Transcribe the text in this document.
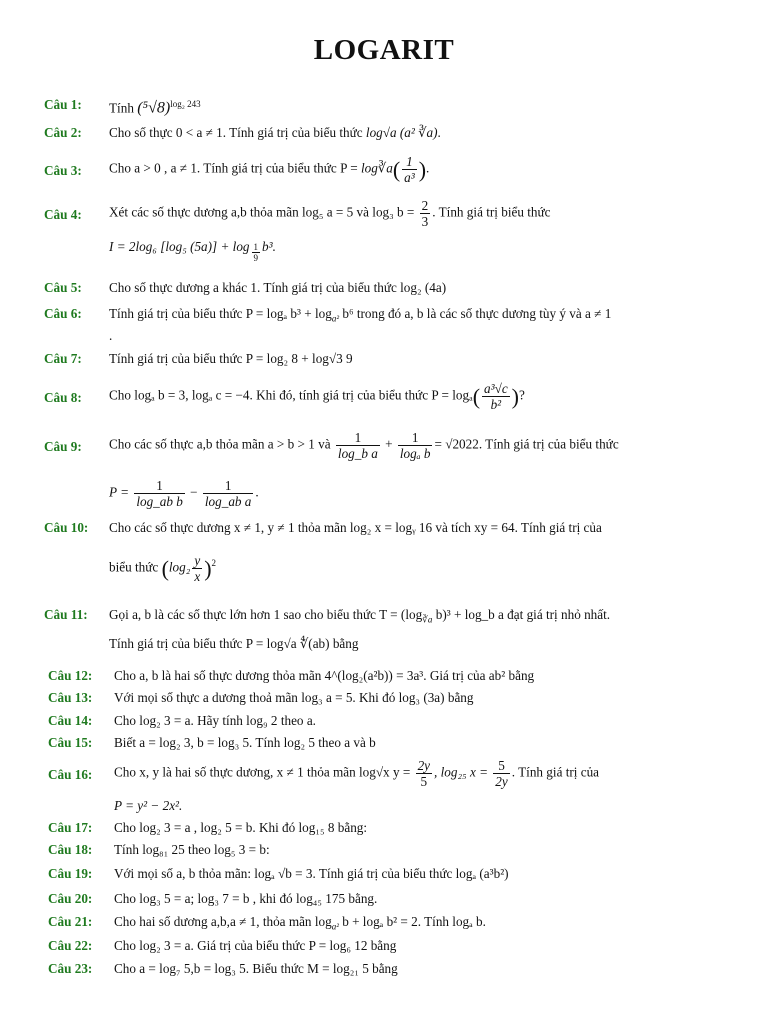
LOGARIT
Câu 1: Tính $(^5√8)^{log_2 243}$
Câu 2: Cho số thực 0 < a ≠ 1. Tính giá trị của biểu thức log√a (a² ∛a).
Câu 3: Cho a > 0 , a ≠ 1. Tính giá trị của biểu thức P = log∛a( $\frac{1}{\text{a³}}$ ).
Câu 4: Xét các số thực dương a,b thỏa mãn log₅ a = 5 và log₃ $b = \frac{2}{3}$ . Tính giá trị biểu thức
I = 2log₆ [log₅ $(5a)] + \log \frac{1}{9} b^3$.
Câu 5: Cho số thực dương a khác 1. Tính giá trị của biểu thức log₂ (4a)
Câu 6: Tính giá trị của biểu thức P = logₐ $b^3 + \log_{a^2} b^6$ trong đó a, b là các số thực dương tùy ý và a ≠ 1
.
Câu 7: Tính giá trị của biểu thức P = log₂ 8 + log√3 9
Câu 8: Cho logₐ b = 3, logₐ c = −4. Khi đó, tính giá trị của biểu thức $P = \log_a( \frac{\text{a³√c}}{\text{b²}}$ )?
Câu 9: Cho các số thực a,b thỏa mãn a > b > 1 và $\frac{1}{\text{log\_b a}} + \frac{1}{\text{logₐ b}} = √2022$. Tính giá trị của biểu thức
$P = \frac{1}{\text{log\_ab b}} - \frac{1}{\text{log\_ab a}}$ .
Câu 10: Cho các số thực dương x ≠ 1, y ≠ 1 thỏa mãn log₂ x = logᵧ 16 và tích xy = 64. Tính giá trị của
biểu thức $(\log_2 \frac{y}{x} )^2$
Câu 11: Gọi a, b là các số thực lớn hơn 1 sao cho biểu thức $T = (\log_{∛a}$ b)³ + log_b a đạt giá trị nhỏ nhất.
Tính giá trị của biểu thức P = log√a ∜(ab) bằng
Câu 12: Cho a, b là hai số thực dương thỏa mãn 4^(log₂(a²b)) = 3a³. Giá trị của ab² bằng
Câu 13: Với mọi số thực a dương thoả mãn log₃ a = 5. Khi đó log₃ (3a) bằng
Câu 14: Cho log₂ 3 = a. Hãy tính log₉ 2 theo a.
Câu 15: Biết a = log₂ 3, b = log₃ 5. Tính log₂ 5 theo a và b
Câu 16: Cho x, y là hai số thực dương, x ≠ 1 thỏa mãn log√x $y = \frac{2y}{5}$ , log₂₅ $x = \frac{5}{2y}$ . Tính giá trị của
P = y² − 2x².
Câu 17: Cho log₂ 3 = a , log₂ 5 = b. Khi đó log₁₅ 8 bằng:
Câu 18: Tính log₈₁ 25 theo log₅ 3 = b:
Câu 19: Với mọi số a, b thỏa mãn: logₐ √b = 3. Tính giá trị của biểu thức logₐ (a³b²)
Câu 20: Cho log₃ 5 = a; log₃ 7 = b , khi đó log₄₅ 175 bằng.
Câu 21: Cho hai số dương a,b,a ≠ 1, thỏa mãn $\log_{a^2} b + \log_a$ b² = 2. Tính logₐ b.
Câu 22: Cho log₂ 3 = a. Giá trị của biểu thức P = log₆ 12 bằng
Câu 23: Cho a = log₇ 5,b = log₃ 5. Biểu thức M = log₂₁ 5 bằng
